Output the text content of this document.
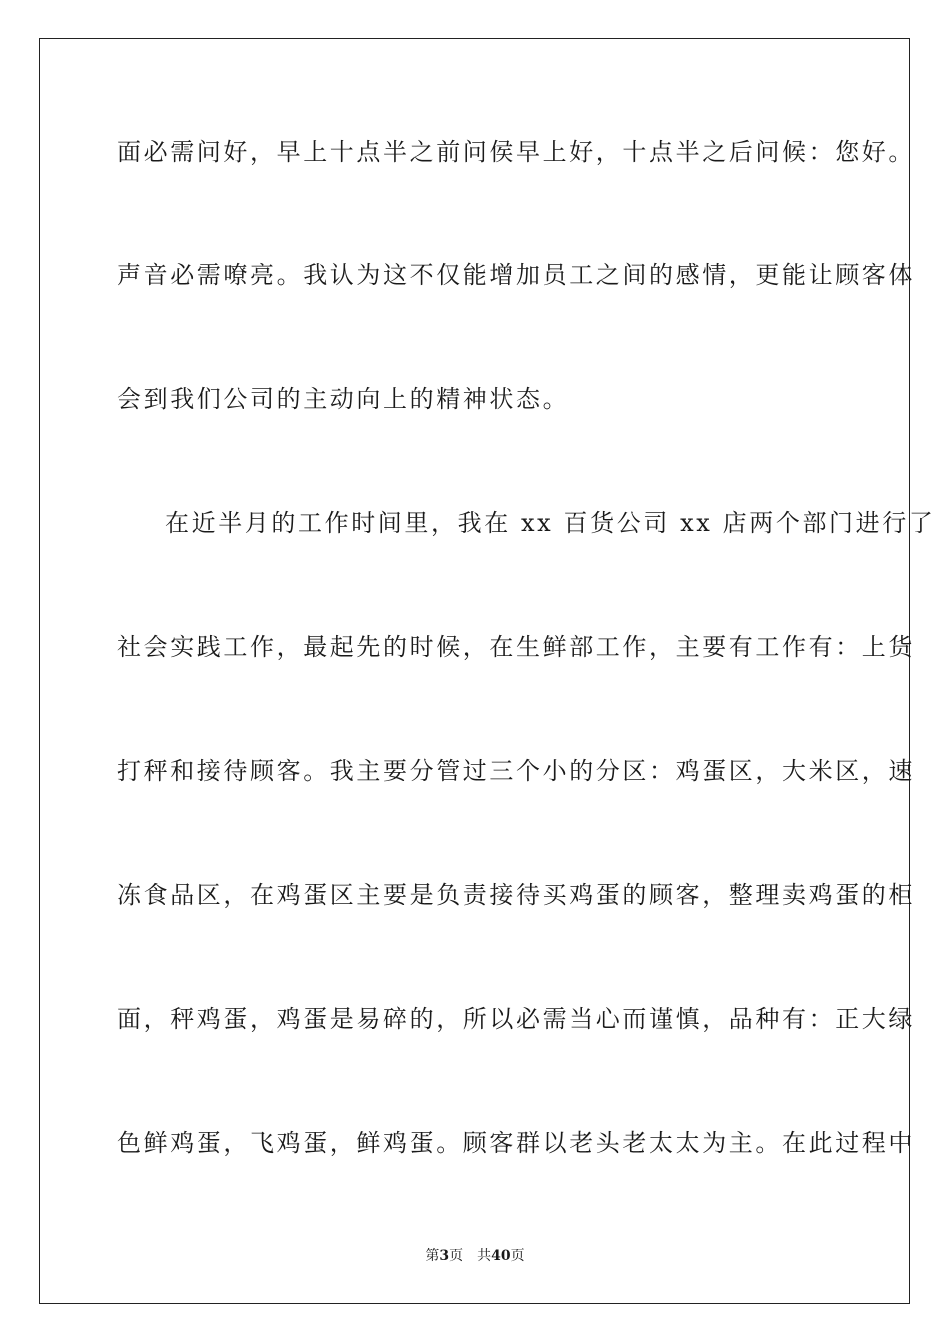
面必需问好，早上十点半之前问侯早上好，十点半之后问候：您好。

声音必需嘹亮。我认为这不仅能增加员工之间的感情，更能让顾客体

会到我们公司的主动向上的精神状态。

在近半月的工作时间里，我在 xx 百货公司 xx 店两个部门进行了

社会实践工作，最起先的时候，在生鲜部工作，主要有工作有：上货

打秤和接待顾客。我主要分管过三个小的分区：鸡蛋区，大米区，速

冻食品区，在鸡蛋区主要是负责接待买鸡蛋的顾客，整理卖鸡蛋的柜

面，秤鸡蛋，鸡蛋是易碎的，所以必需当心而谨慎，品种有：正大绿

色鲜鸡蛋，飞鸡蛋，鲜鸡蛋。顾客群以老头老太太为主。在此过程中

第3页 共40页
